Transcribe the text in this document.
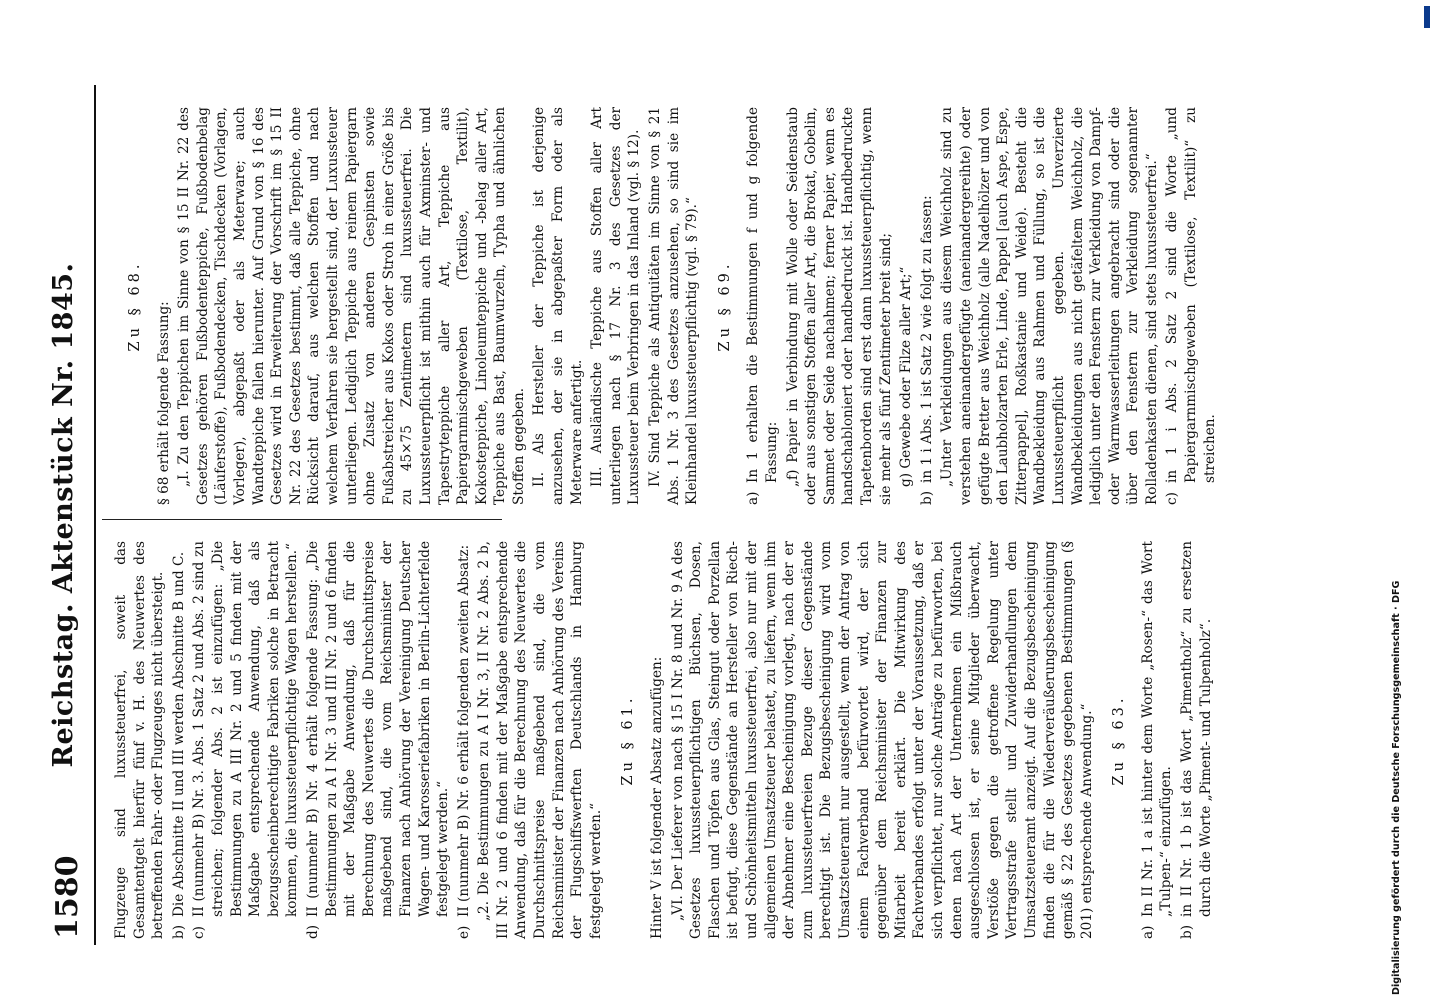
1580
Reichstag. Aktenstück Nr. 1845.	Flugzeuge sind luxussteuerfrei, soweit das Gesamtentgelt hierfür fünf v. H. des Neuwertes des betreffenden Fahr- oder Flugzeuges nicht übersteigt. b)
Die Abschnitte II und III werden Abschnitte B und C.
c)
II (nunmehr B) Nr. 3. Abs. 1 Satz 2 und Abs. 2 sind zu streichen; folgender Abs. 2 ist einzufügen: „Die Bestimmungen zu A III Nr. 2 und 5 finden mit der Maßgabe entsprechende Anwendung, daß als bezugsscheinberechtigte Fabriken solche in Betracht kommen, die luxussteuerpflichtige Wagen herstellen.“
d)
II (nunmehr B) Nr. 4 erhält folgende Fassung: „Die Bestimmungen zu A I Nr. 3 und III Nr. 2 und 6 finden mit der Maßgabe Anwendung, daß für die Berechnung des Neuwertes die Durchschnittspreise maßgebend sind, die vom Reichsminister der Finanzen nach Anhörung der Vereinigung Deutscher Wagen- und Karosseriefabriken in Berlin-Lichterfelde festgelegt werden.“
e)
II (nunmehr B) Nr. 6 erhält folgenden zweiten Absatz: „2. Die Bestimmungen zu A I Nr. 3, II Nr. 2 Abs. 2 b, III Nr. 2 und 6 finden mit der Maßgabe entsprechende Anwendung, daß für die Berechnung des Neuwertes die Durchschnittspreise maßgebend sind, die vom Reichsminister der Finanzen nach Anhörung des Vereins der Flugschiffswerften Deutschlands in Hamburg festgelegt werden.“

Zu § 61. Hinter V ist folgender Absatz anzufügen: „VI. Der Lieferer von nach § 15 I Nr. 8 und Nr. 9 A des Gesetzes luxussteuerpflichtigen Büchsen, Dosen, Flaschen und Töpfen aus Glas, Steingut oder Porzellan ist befugt, diese Gegenstände an Hersteller von Riech- und Schönheitsmitteln luxussteuerfrei, also nur mit der allgemeinen Umsatzsteuer belastet, zu liefern, wenn ihm der Abnehmer eine Bescheinigung vorlegt, nach der er zum luxussteuerfreien Bezuge dieser Gegenstände berechtigt ist. Die Bezugsbescheinigung wird vom Umsatzsteueramt nur ausgestellt, wenn der Antrag von einem Fachverband befürwortet wird, der sich gegenüber dem Reichsminister der Finanzen zur Mitarbeit bereit erklärt. Die Mitwirkung des Fachverbandes erfolgt unter der Voraussetzung, daß er sich verpflichtet, nur solche Anträge zu befürworten, bei denen nach Art der Unternehmen ein Mißbrauch ausgeschlossen ist, er seine Mitglieder überwacht, Verstöße gegen die getroffene Regelung unter Vertragsstrafe stellt und Zuwiderhandlungen dem Umsatzsteueramt anzeigt. Auf die Bezugsbescheinigung finden die für die Wiederveräußerungsbescheinigung gemäß § 22 des Gesetzes gegebenen Bestimmungen (§ 201) entsprechende Anwendung.“ Zu § 63.
a)
In II Nr. 1 a ist hinter dem Worte „Rosen-“ das Wort „Tulpen-“ einzufügen.
b)
in II Nr. 1 b ist das Wort „Pimentholz“ zu ersetzen durch die Worte „Piment- und Tulpenholz“.
Zu § 68. § 68 erhält folgende Fassung: „I. Zu den Teppichen im Sinne von § 15 II Nr. 22 des Gesetzes gehören Fußbodenteppiche, Fußbodenbelag (Läuferstoffe), Fußbodendecken, Tischdecken (Vorlagen, Vorleger), abgepaßt oder als Meterware; auch Wandteppiche fallen hierunter. Auf Grund von § 16 des Gesetzes wird in Erweiterung der Vorschrift im § 15 II Nr. 22 des Gesetzes bestimmt, daß alle Teppiche, ohne Rücksicht darauf, aus welchen Stoffen und nach welchem Verfahren sie hergestellt sind, der Luxussteuer unterliegen. Lediglich Teppiche aus reinem Papiergarn ohne Zusatz von anderen Gespinsten sowie Fußabstreicher aus Kokos oder Stroh in einer Größe bis zu 45×75 Zentimetern sind luxussteuerfrei. Die Luxussteuerpflicht ist mithin auch für Axminster- und Tapestryteppiche aller Art, Teppiche aus Papiergarnmischgeweben (Textilose, Textilit), Kokosteppiche, Linoleumteppiche und -belag aller Art, Teppiche aus Bast, Baumwurzeln, Typha und ähnlichen Stoffen gegeben. II. Als Hersteller der Teppiche ist derjenige anzusehen, der sie in abgepaßter Form oder als Meterware anfertigt. III. Ausländische Teppiche aus Stoffen aller Art unterliegen nach § 17 Nr. 3 des Gesetzes der Luxussteuer beim Verbringen in das Inland (vgl. § 12). IV. Sind Teppiche als Antiquitäten im Sinne von § 21 Abs. 1 Nr. 3 des Gesetzes anzusehen, so sind sie im Kleinhandel luxussteuerpflichtig (vgl. § 79).“ Zu § 69.
a)
In 1 erhalten die Bestimmungen f und g folgende Fassung: „f) Papier in Verbindung mit Wolle oder Seidenstaub oder aus sonstigen Stoffen aller Art, die Brokat, Gobelin, Sammet oder Seide nachahmen; ferner Papier, wenn es handschabloniert oder handbedruckt ist. Handbedruckte Tapetenborden sind erst dann luxussteuerpflichtig, wenn sie mehr als fünf Zentimeter breit sind; g) Gewebe oder Filze aller Art;“

b)
in 1 i Abs. 1 ist Satz 2 wie folgt zu fassen: „Unter Verkleidungen aus diesem Weichholz sind zu verstehen aneinandergefügte (aneinandergereihte) oder gefügte Bretter aus Weichholz (alle Nadelhölzer und von den Laubholzarten Erle, Linde, Pappel [auch Aspe, Espe, Zitterpappel], Roßkastanie und Weide). Besteht die Wandbekleidung aus Rahmen und Füllung, so ist die Luxussteuerpflicht gegeben. Unverzierte Wandbekleidungen aus nicht getäfeltem Weichholz, die lediglich unter den Fenstern zur Verkleidung von Dampf- oder Warmwasserleitungen angebracht sind oder die über den Fenstern zur Verkleidung sogenannter Rolladenkasten dienen, sind stets luxussteuerfrei.“ c)
in 1 i Abs. 2 Satz 2 sind die Worte „und Papiergarnmischgeweben (Textilose, Textilit)“ zu streichen.
Digitalisierung gefördert durch die Deutsche Forschungsgemeinschaft · DFG
